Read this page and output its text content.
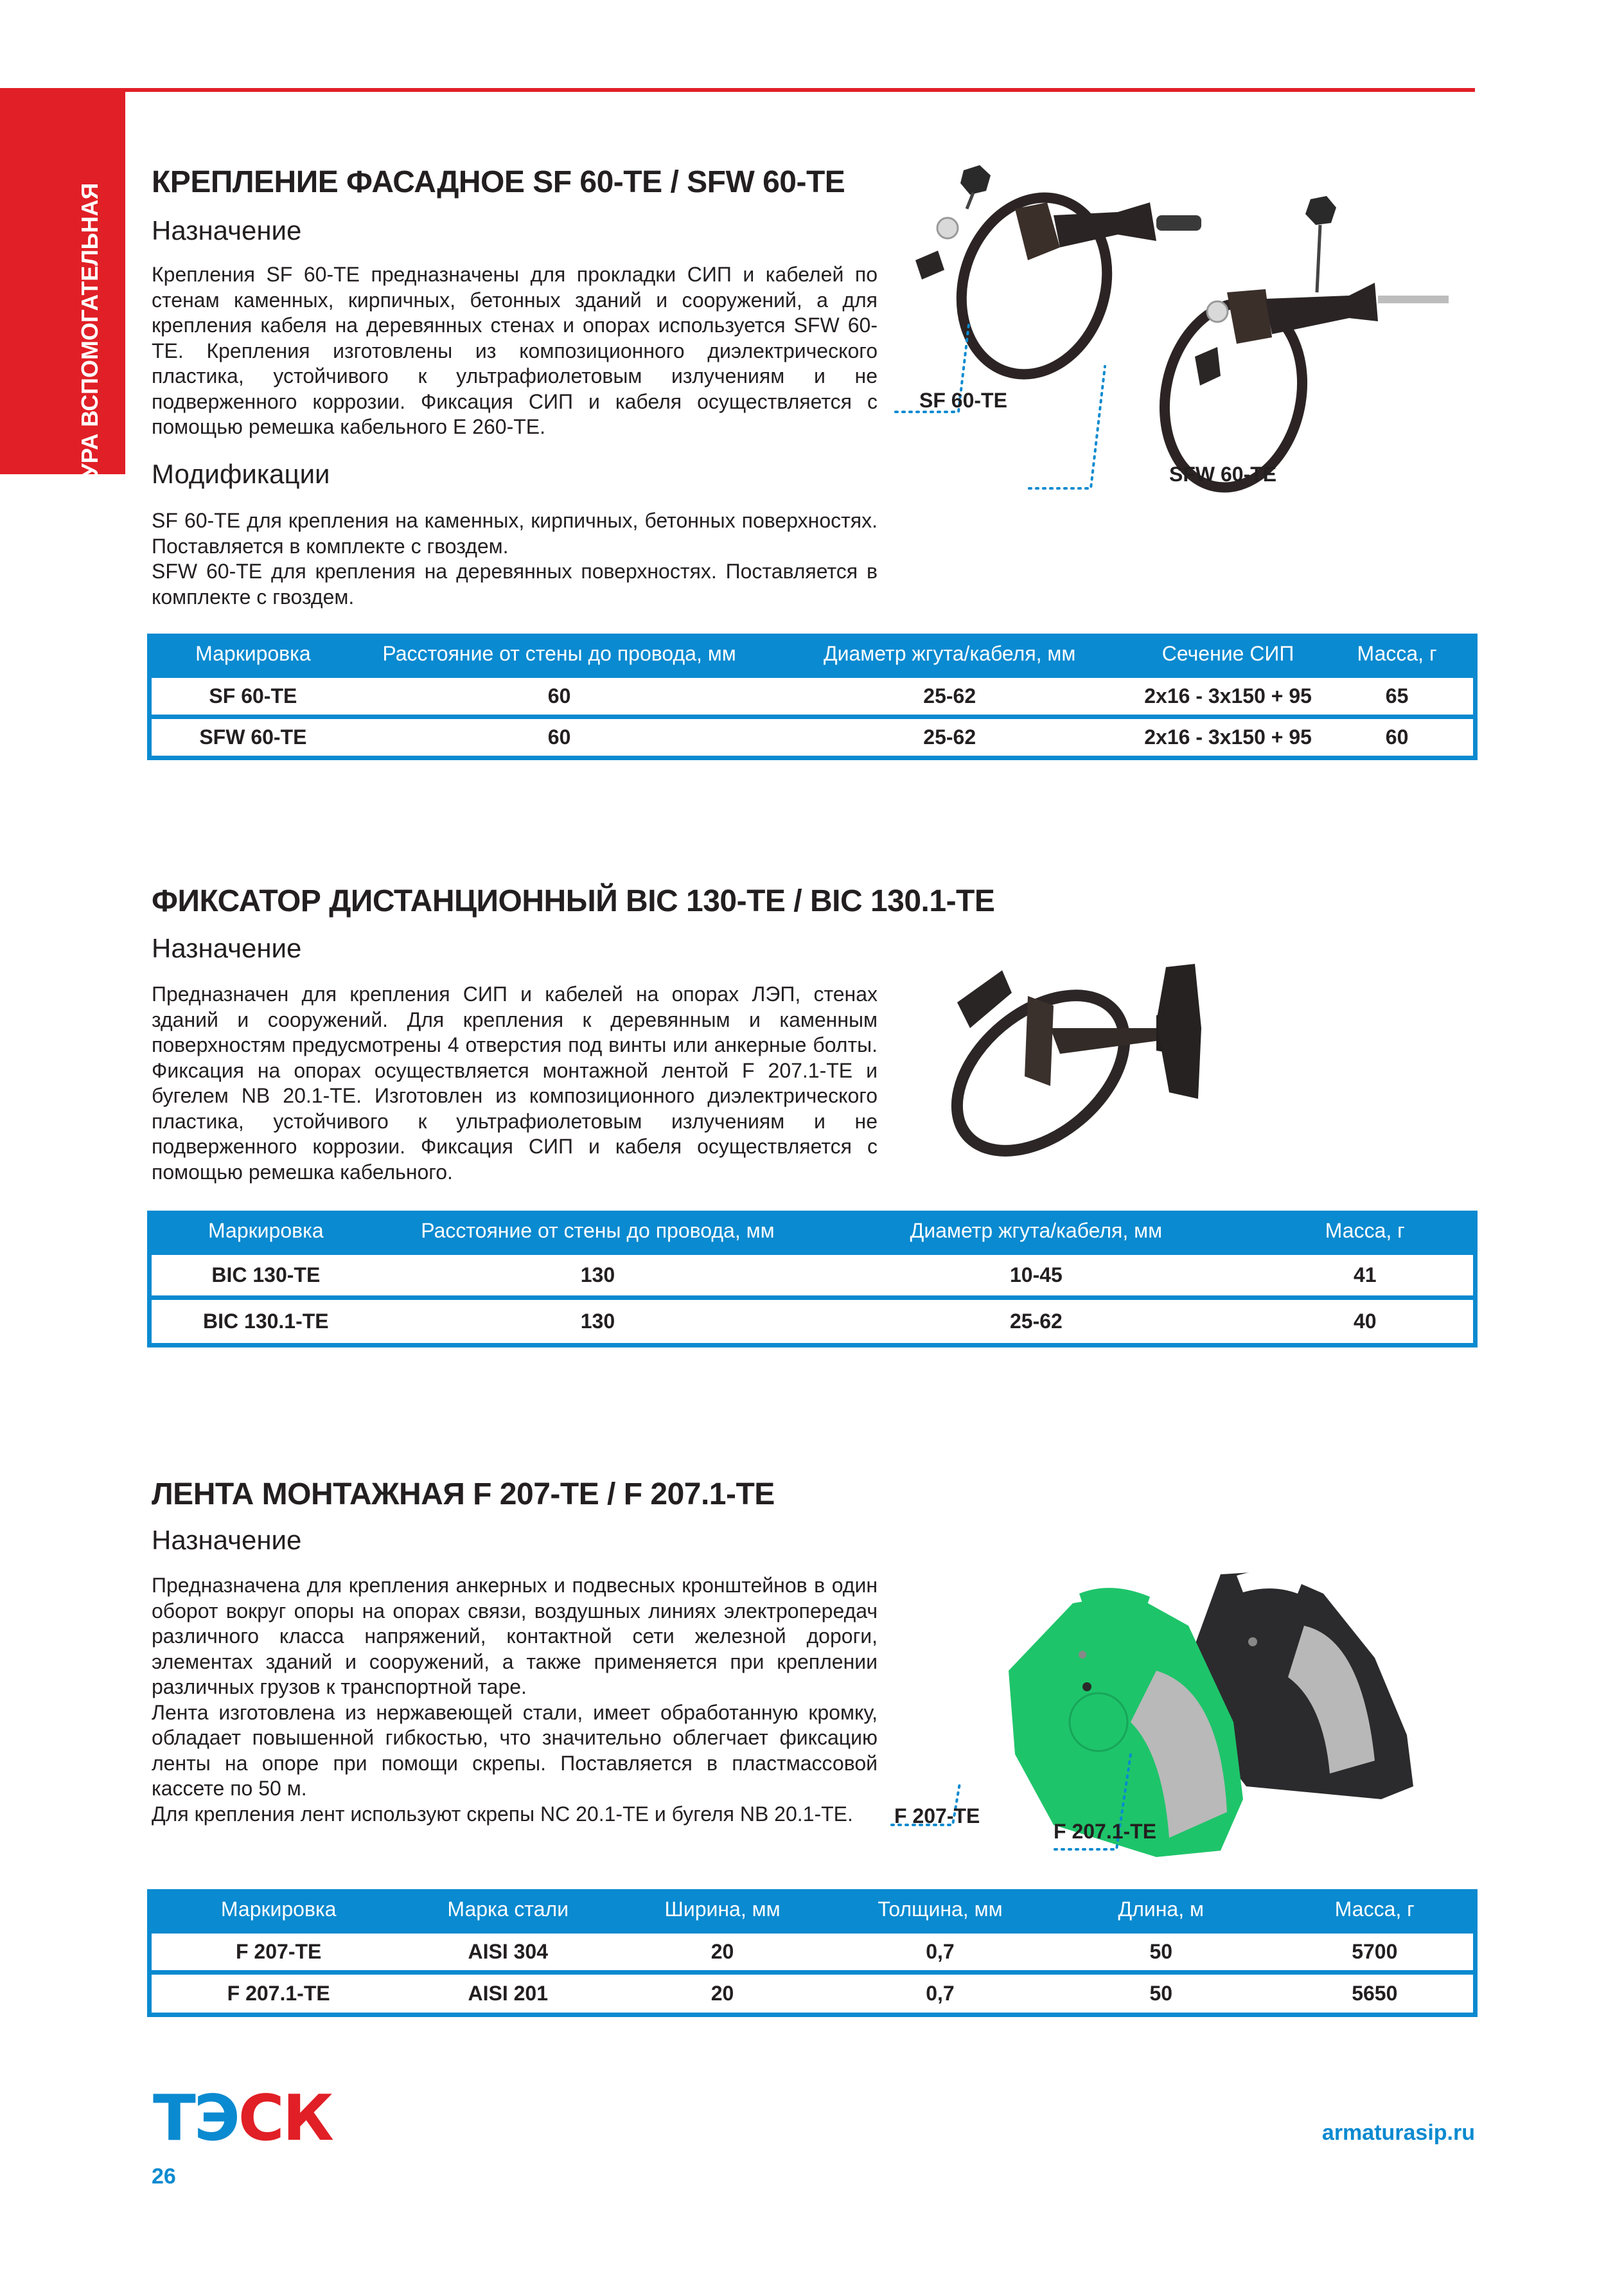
АРМАТУРА ВСПОМОГАТЕЛЬНАЯ
КРЕПЛЕНИЕ ФАСАДНОЕ SF 60-TE / SFW 60-TE
Назначение

Крепления SF 60-TE предназначены для прокладки СИП и кабелей по стенам каменных, кирпичных, бетонных зданий и сооружений, а для крепления кабеля на деревянных стенах и опорах используется SFW 60-TE. Крепления изготовлены из композиционного диэлектрического пластика, устойчивого к ультрафиолетовым излучениям и не подверженного коррозии. Фиксация СИП и кабеля осуществляется с помощью ремешка кабельного E 260-TE.

Модификации

SF 60-TE для крепления на каменных, кирпичных, бетонных поверхностях. Поставляется в комплекте с гвоздем.

SFW 60-TE для крепления на деревянных поверхностях. Поставляется в комплекте с гвоздем.

SF 60-TE
SFW 60-TE
Маркировка	Расстояние от стены до провода, мм	Диаметр жгута/кабеля, мм	Сечение СИП	Масса, г
SF 60-TE	60	25-62	2x16 - 3x150 + 95	65
SFW 60-TE	60	25-62	2x16 - 3x150 + 95	60
ФИКСАТОР ДИСТАНЦИОННЫЙ BIC 130-TE / BIC 130.1-TE
Назначение

Предназначен для крепления СИП и кабелей на опорах ЛЭП, стенах зданий и сооружений. Для крепления к деревянным и каменным поверхностям предусмотрены 4 отверстия под винты или анкерные болты. Фиксация на опорах осуществляется монтажной лентой F 207.1-TE и бугелем NB 20.1-TE. Изготовлен из композиционного диэлектрического пластика, устойчивого к ультрафиолетовым излучениям и не подверженного коррозии. Фиксация СИП и кабеля осуществляется с помощью ремешка кабельного.

Маркировка	Расстояние от стены до провода, мм	Диаметр жгута/кабеля, мм	Масса, г
BIC 130-TE	130	10-45	41
BIC 130.1-TE	130	25-62	40
ЛЕНТА МОНТАЖНАЯ F 207-TE / F 207.1-TE
Назначение

Предназначена для крепления анкерных и подвесных кронштейнов в один оборот вокруг опоры на опорах связи, воздушных линиях электропередач различного класса напряжений, контактной сети железной дороги, элементах зданий и сооружений, а также применяется при креплении различных грузов к транспортной таре.

Лента изготовлена из нержавеющей стали, имеет обработанную кромку, обладает повышенной гибкостью, что значительно облегчает фиксацию ленты на опоре при помощи скрепы. Поставляется в пластмассовой кассете по 50 м.

Для крепления лент используют скрепы NC 20.1-TE и бугеля NB 20.1-TE.	F 207-TE
F 207.1-TE
Маркировка	Марка стали	Ширина, мм	Толщина, мм	Длина, м	Масса, г
F 207-TE	AISI 304	20	0,7	50	5700
F 207.1-TE	AISI 201	20	0,7	50	5650
ТЭСК	armaturasip.ru
26
